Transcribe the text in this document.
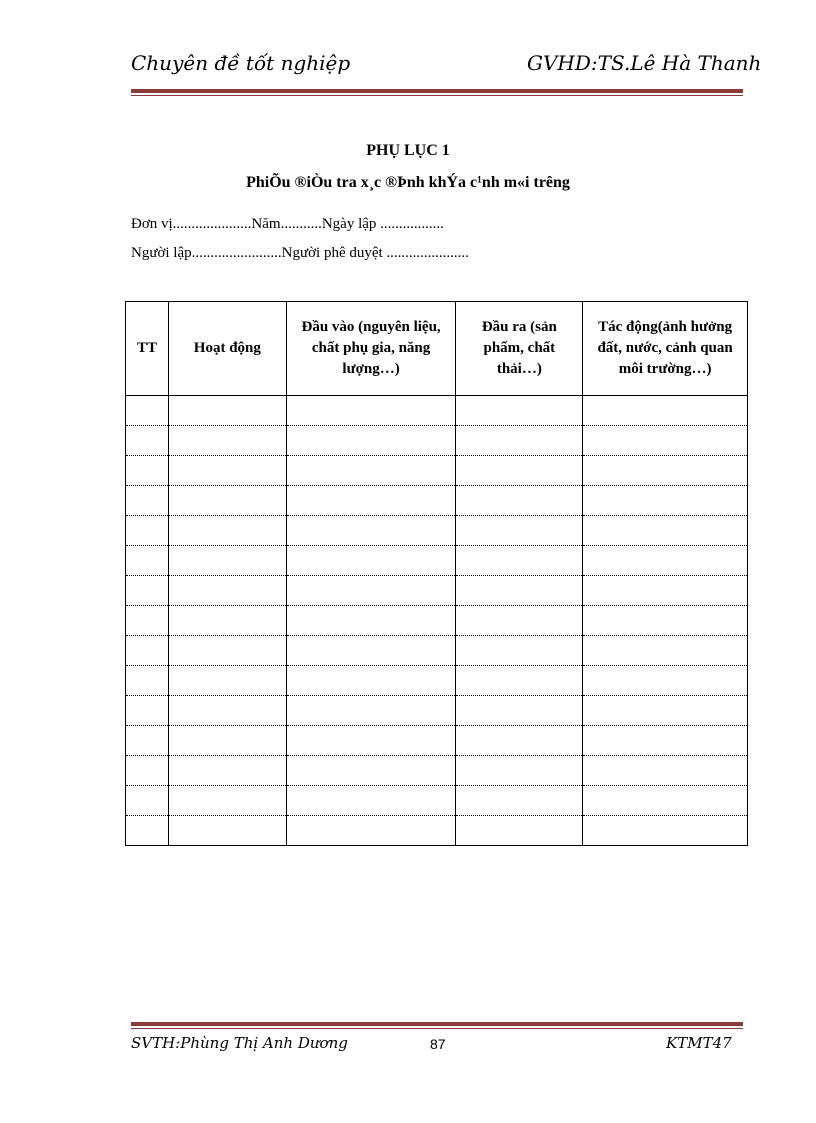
Chuyên đề tốt nghiệp	GVHD:TS.Lê Hà Thanh
PHỤ LỤC 1
PhiÕu ®iÒu tra x¸c ®Þnh khÝa c¹nh m«i trêng
Đơn vị.....................Năm...........Ngày lập .................
Người lập........................Người phê duyệt ......................
TT	Hoạt động	Đầu vào (nguyên liệu, chất phụ gia, năng lượng…)	Đầu ra (sản phẩm, chất thải…)	Tác động(ảnh hưởng đất, nước, cảnh quan môi trường…)

SVTH:Phùng Thị Anh Dương	87	KTMT47
